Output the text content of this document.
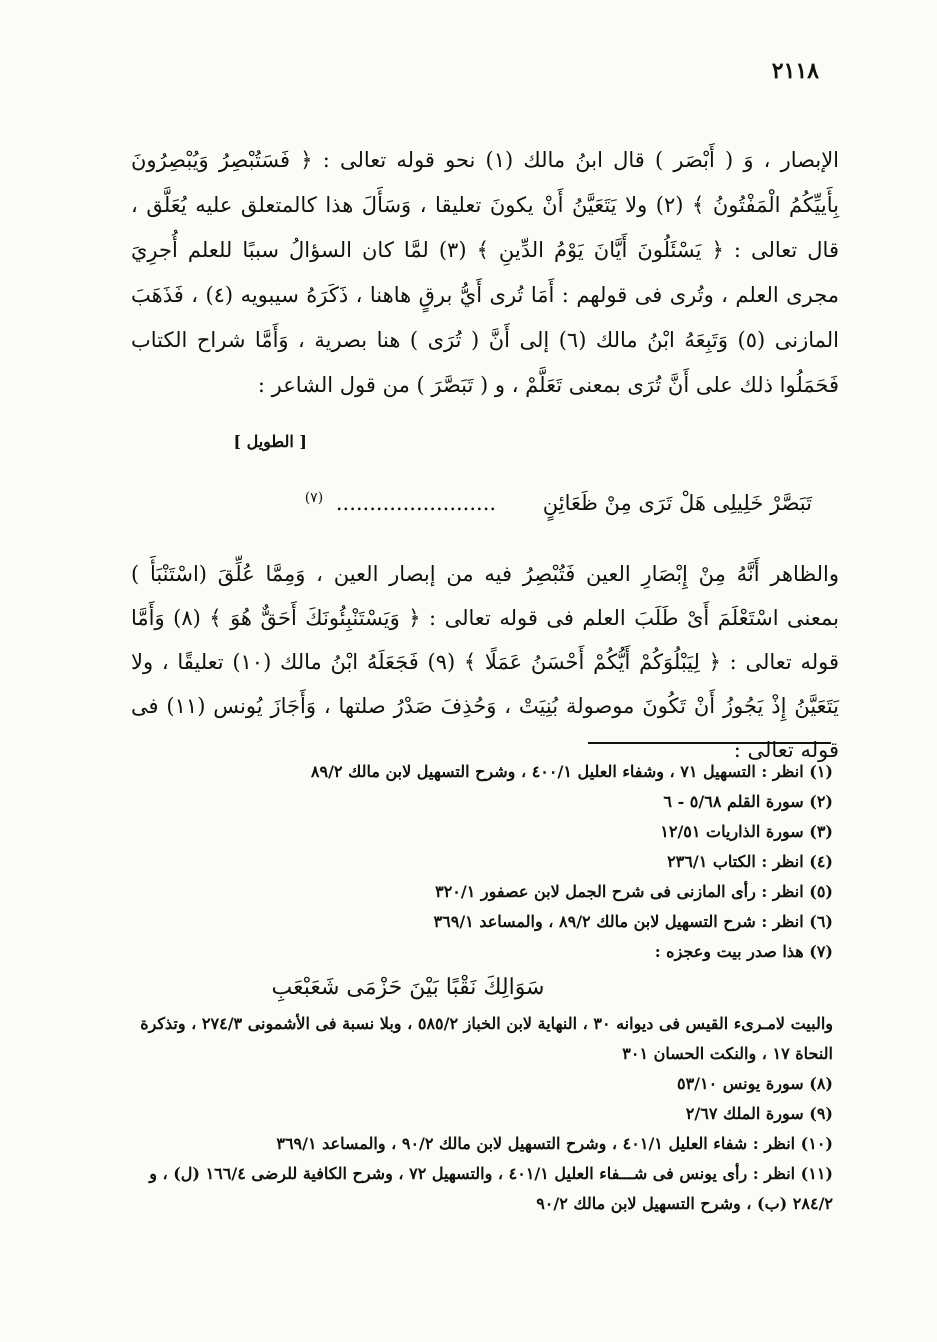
٢١١٨

الإبصار ، وَ ( أَبْصَر ) قال ابنُ مالك (١) نحو قوله تعالى : ﴿ فَسَتُبْصِرُ وَيُبْصِرُونَ بِأَييِّكُمُ الْمَفْتُونُ ﴾ (٢) ولا يَتَعَيَّنُ أَنْ يكونَ تعليقا ، وَسَأَلَ هذا كالمتعلق عليه يُعَلَّق ، قال تعالى : ﴿ يَسْئَلُونَ أَيَّانَ يَوْمُ الدِّينِ ﴾ (٣) لمَّا كان السؤالُ سببًا للعلم أُجرِيَ مجرى العلم ، وتُرى فى قولهم : أَمَا تُرى أَيُّ برقٍ هاهنا ، ذَكَرَهُ سيبويه (٤) ، فَذَهَبَ المازنى (٥) وَتَبِعَهُ ابْنُ مالك (٦) إلى أَنَّ ( تُرَى ) هنا بصرية ، وَأَمَّا شراح الكتاب فَحَمَلُوا ذلك على أَنَّ تُرَى بمعنى تَعَلَّمْ ، و ( تَبَصَّرَ ) من قول الشاعر :

[ الطويل ]
تَبَصَّرْ خَلِيلِى هَلْ تَرَى مِنْ ظَعَائِنٍ ........................ $^{(٧)}$

والظاهر أَنَّهُ مِنْ إِبْصَارِ العين فَتُبْصِرُ فيه من إبصار العين ، وَمِمَّا عُلِّقَ (اسْتَنْبَأَ ) بمعنى اسْتَعْلَمَ أَىْ طَلَبَ العلم فى قوله تعالى : ﴿ وَيَسْتَنْبِئُونَكَ أَحَقٌّ هُوَ ﴾ (٨) وَأَمَّا قوله تعالى : ﴿ لِيَبْلُوَكُمْ أَيُّكُمْ أَحْسَنُ عَمَلًا ﴾ (٩) فَجَعَلَهُ ابْنُ مالك (١٠) تعليقًا ، ولا يَتَعَيَّنُ إِذْ يَجُوزُ أَنْ تَكُونَ موصولة بُنِيَتْ ، وَحُذِفَ صَدْرُ صلتها ، وَأَجَازَ يُونس (١١) فى قوله تعالى :

(١) انظر : التسهيل ٧١ ، وشفاء العليل ٤٠٠/١ ، وشرح التسهيل لابن مالك ٨٩/٢
(٢) سورة القلم ٥/٦٨ - ٦
(٣) سورة الذاريات ١٢/٥١
(٤) انظر : الكتاب ٢٣٦/١
(٥) انظر : رأى المازنى فى شرح الجمل لابن عصفور ٣٢٠/١
(٦) انظر : شرح التسهيل لابن مالك ٨٩/٢ ، والمساعد ٣٦٩/١
(٧) هذا صدر بيت وعجزه :
سَوَالِكَ نَقْبًا بَيْنَ حَزْمَى شَعَبْعَبِ
والبيت لامـرىء القيس فى ديوانه ٣٠ ، النهاية لابن الخباز ٥٨٥/٢ ، وبلا نسبة فى الأشمونى ٢٧٤/٣ ، وتذكرة النحاة ١٧ ، والنكت الحسان ٣٠١
(٨) سورة يونس ٥٣/١٠
(٩) سورة الملك ٢/٦٧
(١٠) انظر : شفاء العليل ٤٠١/١ ، وشرح التسهيل لابن مالك ٩٠/٢ ، والمساعد ٣٦٩/١
(١١) انظر : رأى يونس فى شـــفاء العليل ٤٠١/١ ، والتسهيل ٧٢ ، وشرح الكافية للرضى ١٦٦/٤ (ل) ، و ٢٨٤/٢ (ب) ، وشرح التسهيل لابن مالك ٩٠/٢
